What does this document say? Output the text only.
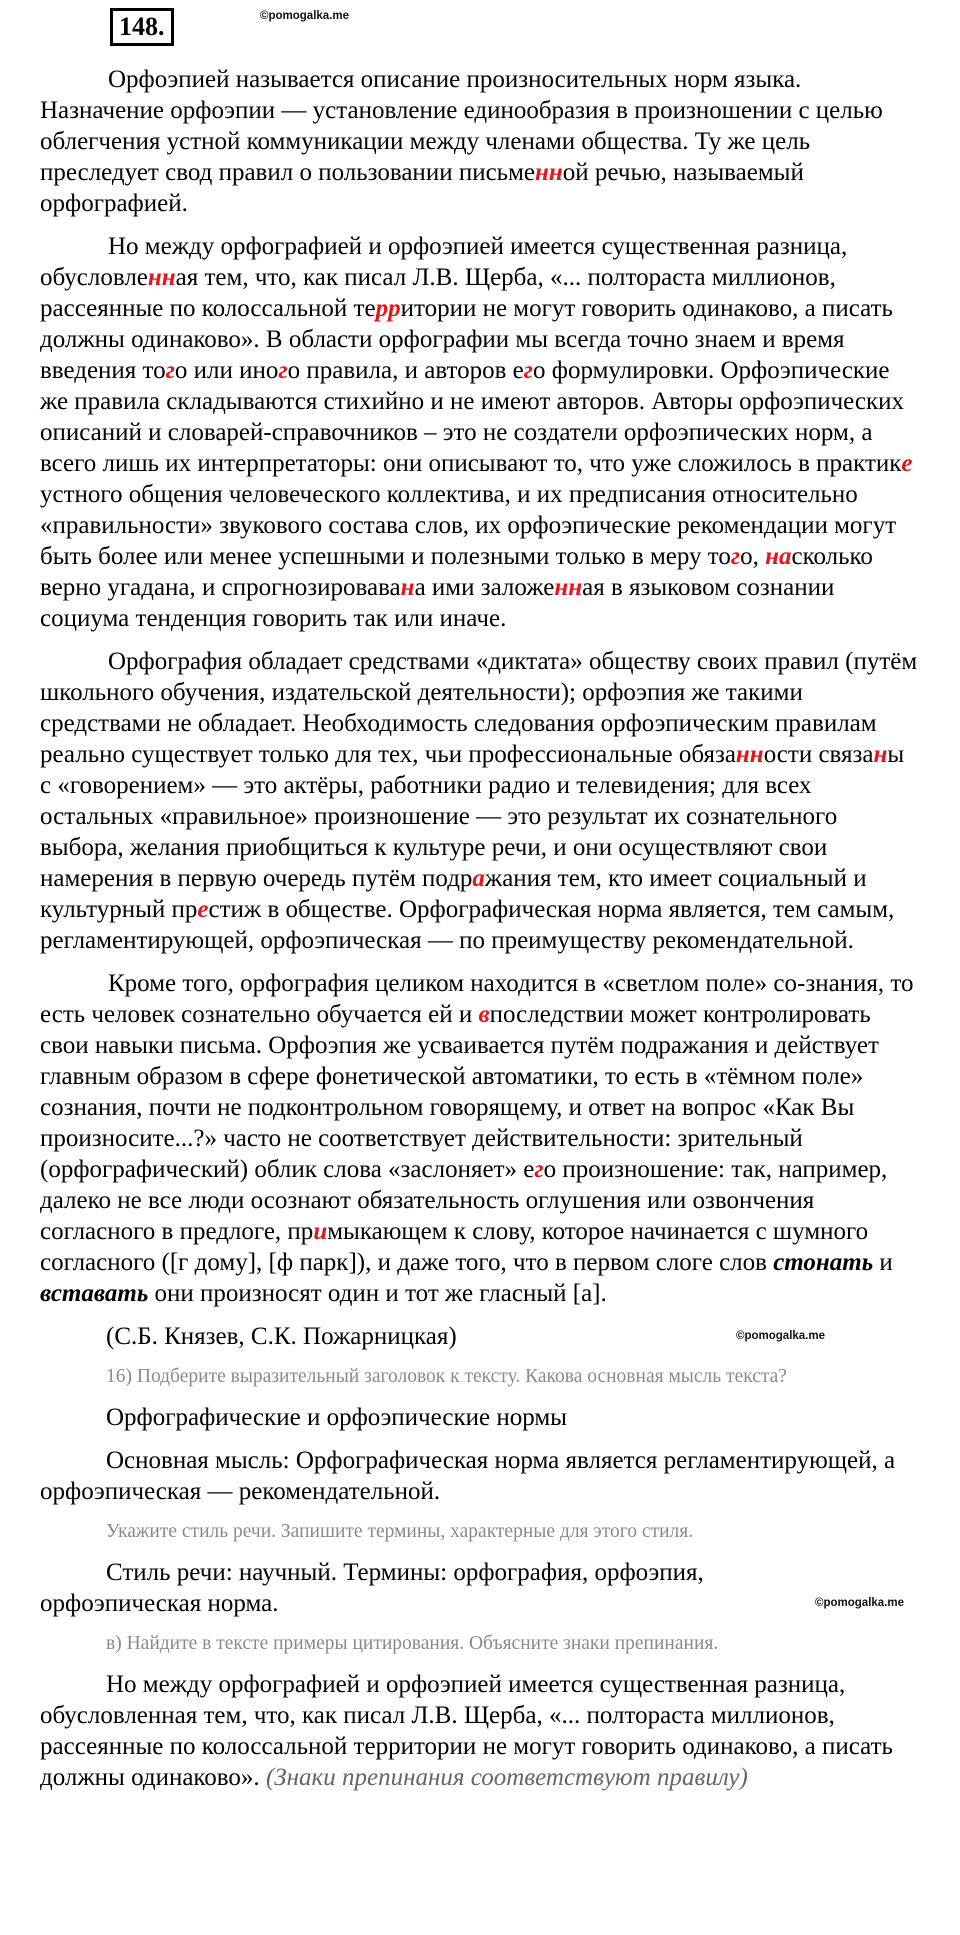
148.	©pomogalka.me

Орфоэпией называется описание произносительных норм языка. Назначение орфоэпии — установление единообразия в произношении с целью облегчения устной коммуникации между членами общества. Ту же цель преследует свод правил о пользовании письменной речью, называемый орфографией.

Но между орфографией и орфоэпией имеется существенная разница, обусловленная тем, что, как писал Л.В. Щерба, «... полтораста миллионов, рассеянные по колоссальной территории не могут говорить одинаково, а писать должны одинаково». В области орфографии мы всегда точно знаем и время введения того или иного правила, и авторов его формулировки. Орфоэпические же правила складываются стихийно и не имеют авторов. Авторы орфоэпических описаний и словарей-справочников – это не создатели орфоэпических норм, а всего лишь их интерпретаторы: они описывают то, что уже сложилось в практике устного общения человеческого коллектива, и их предписания относительно «правильности» звукового состава слов, их орфоэпические рекомендации могут быть более или менее успешными и полезными только в меру того, насколько верно угадана, и спрогнозировавана ими заложенная в языковом сознании социума тенденция говорить так или иначе.

Орфография обладает средствами «диктата» обществу своих правил (путём школьного обучения, издательской деятельности); орфоэпия же такими средствами не обладает. Необходимость следования орфоэпическим правилам реально существует только для тех, чьи профессиональные обязанности связаны с «говорением» — это актёры, работники радио и телевидения; для всех остальных «правильное» произношение — это результат их сознательного выбора, желания приобщиться к культуре речи, и они осуществляют свои намерения в первую очередь путём подражания тем, кто имеет социальный и культурный престиж в обществе. Орфографическая норма является, тем самым, регламентирующей, орфоэпическая — по преимуществу рекомендательной.

Кроме того, орфография целиком находится в «светлом поле» со-знания, то есть человек сознательно обучается ей и впоследствии может контролировать свои навыки письма. Орфоэпия же усваивается путём подражания и действует главным образом в сфере фонетической автоматики, то есть в «тёмном поле» сознания, почти не подконтрольном говорящему, и ответ на вопрос «Как Вы произносите...?» часто не соответствует действительности: зрительный (орфографический) облик слова «заслоняет» его произношение: так, например, далеко не все люди осознают обязательность оглушения или озвончения согласного в предлоге, примыкающем к слову, которое начинается с шумного согласного ([г дому], [ф парк]), и даже того, что в первом слоге слов стонать и вставать они произносят один и тот же гласный [а].

(С.Б. Князев, С.К. Пожарницкая)	©pomogalka.me

16) Подберите выразительный заголовок к тексту. Какова основная мысль текста?

Орфографические и орфоэпические нормы

Основная мысль: Орфографическая норма является регламентирующей, а орфоэпическая — рекомендательной.

Укажите стиль речи. Запишите термины, характерные для этого стиля.

Стиль речи: научный. Термины: орфография, орфоэпия, орфоэпическая норма.	©pomogalka.me

в) Найдите в тексте примеры цитирования. Объясните знаки препинания.

Но между орфографией и орфоэпией имеется существенная разница, обусловленная тем, что, как писал Л.В. Щерба, «... полтораста миллионов, рассеянные по колоссальной территории не могут говорить одинаково, а писать должны одинаково». (Знаки препинания соответствуют правилу)
